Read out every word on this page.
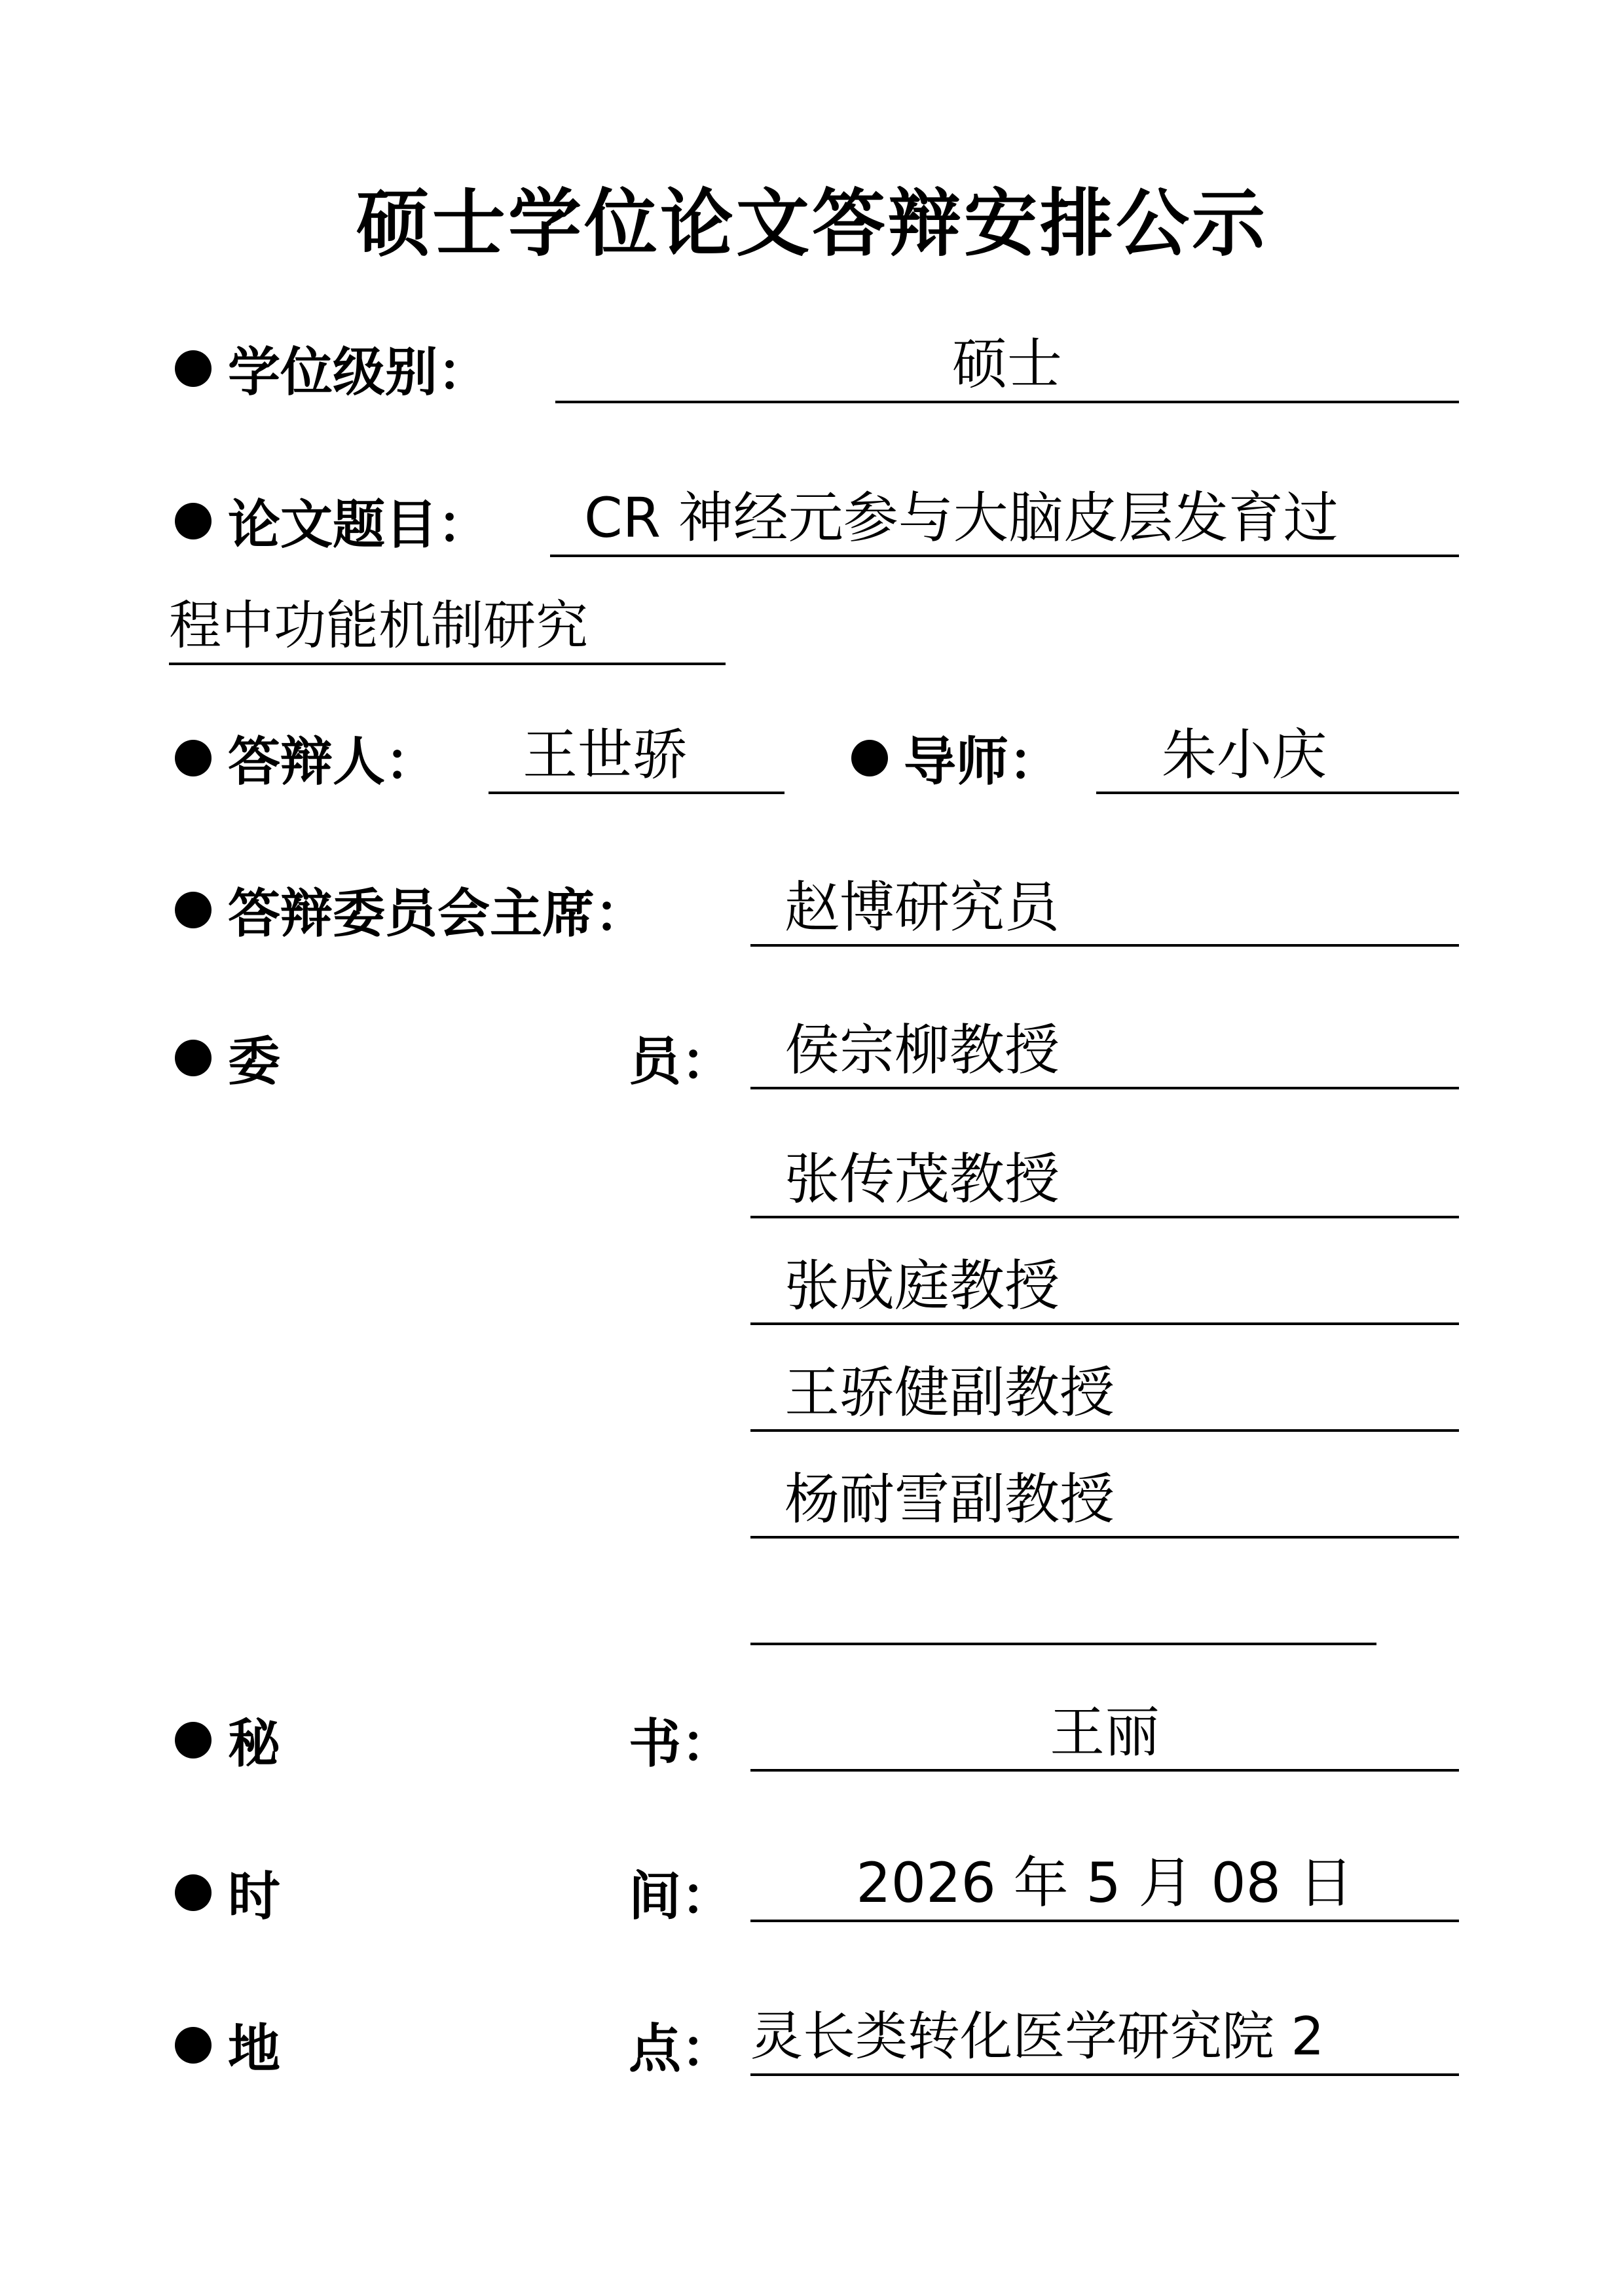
硕士学位论文答辩安排公示
学位级别：	硕士
论文题目：	CR 神经元参与大脑皮层发育过
程中功能机制研究
答辩人：	王世骄	导师：	朱小庆
答辩委员会主席：	赵博研究员
委	员： 侯宗柳教授
张传茂教授
张成庭教授
王骄健副教授
杨耐雪副教授
秘	书：	王丽
时	间：	2026 年 5 月 08 日
地	点： 灵长类转化医学研究院 2
